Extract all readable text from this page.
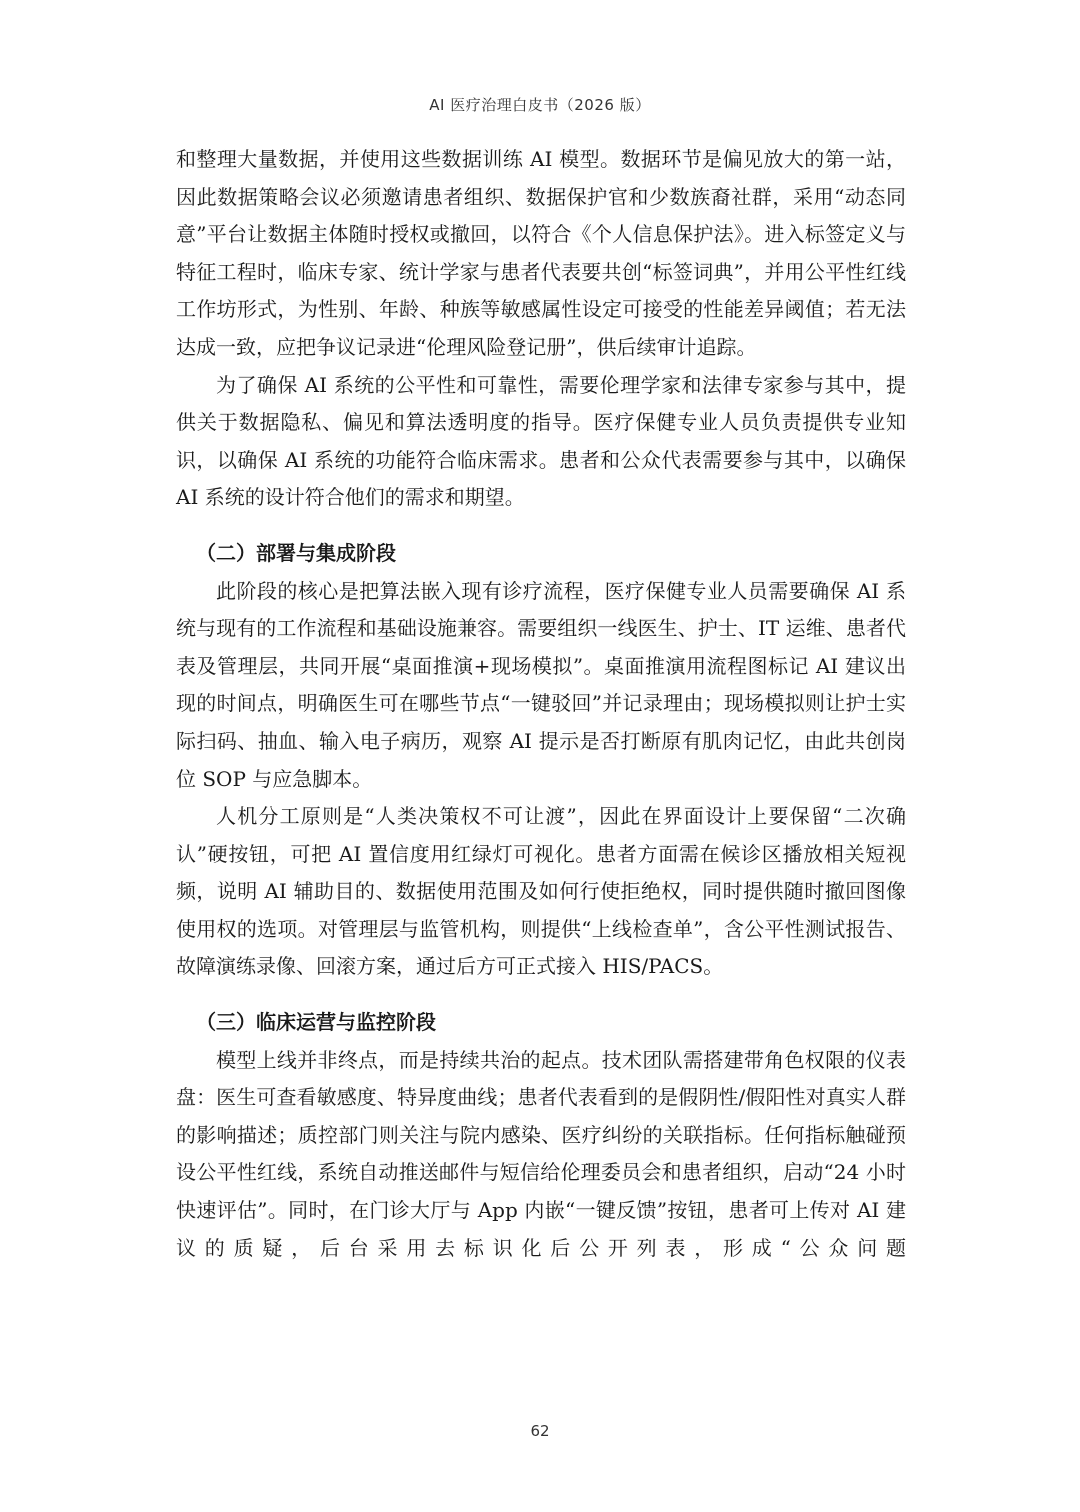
AI 医疗治理白皮书（2026 版）

和整理大量数据，并使用这些数据训练 AI 模型。数据环节是偏见放大的第一站，因此数据策略会议必须邀请患者组织、数据保护官和少数族裔社群，采用“动态同意”平台让数据主体随时授权或撤回，以符合《个人信息保护法》。进入标签定义与特征工程时，临床专家、统计学家与患者代表要共创“标签词典”，并用公平性红线工作坊形式，为性别、年龄、种族等敏感属性设定可接受的性能差异阈值；若无法达成一致，应把争议记录进“伦理风险登记册”，供后续审计追踪。

为了确保 AI 系统的公平性和可靠性，需要伦理学家和法律专家参与其中，提供关于数据隐私、偏见和算法透明度的指导。医疗保健专业人员负责提供专业知识，以确保 AI 系统的功能符合临床需求。患者和公众代表需要参与其中，以确保 AI 系统的设计符合他们的需求和期望。

（二）部署与集成阶段

此阶段的核心是把算法嵌入现有诊疗流程，医疗保健专业人员需要确保 AI 系统与现有的工作流程和基础设施兼容。需要组织一线医生、护士、IT 运维、患者代表及管理层，共同开展“桌面推演+现场模拟”。桌面推演用流程图标记 AI 建议出现的时间点，明确医生可在哪些节点“一键驳回”并记录理由；现场模拟则让护士实际扫码、抽血、输入电子病历，观察 AI 提示是否打断原有肌肉记忆，由此共创岗位 SOP 与应急脚本。

人机分工原则是“人类决策权不可让渡”，因此在界面设计上要保留“二次确认”硬按钮，可把 AI 置信度用红绿灯可视化。患者方面需在候诊区播放相关短视频，说明 AI 辅助目的、数据使用范围及如何行使拒绝权，同时提供随时撤回图像使用权的选项。对管理层与监管机构，则提供“上线检查单”，含公平性测试报告、故障演练录像、回滚方案，通过后方可正式接入 HIS/PACS。

（三）临床运营与监控阶段

模型上线并非终点，而是持续共治的起点。技术团队需搭建带角色权限的仪表盘：医生可查看敏感度、特异度曲线；患者代表看到的是假阴性/假阳性对真实人群的影响描述；质控部门则关注与院内感染、医疗纠纷的关联指标。任何指标触碰预设公平性红线，系统自动推送邮件与短信给伦理委员会和患者组织，启动“24 小时快速评估”。同时，在门诊大厅与 App 内嵌“一键反馈”按钮，患者可上传对 AI 建议的质疑，后台采用去标识化后公开列表，形成“公众问题

62
